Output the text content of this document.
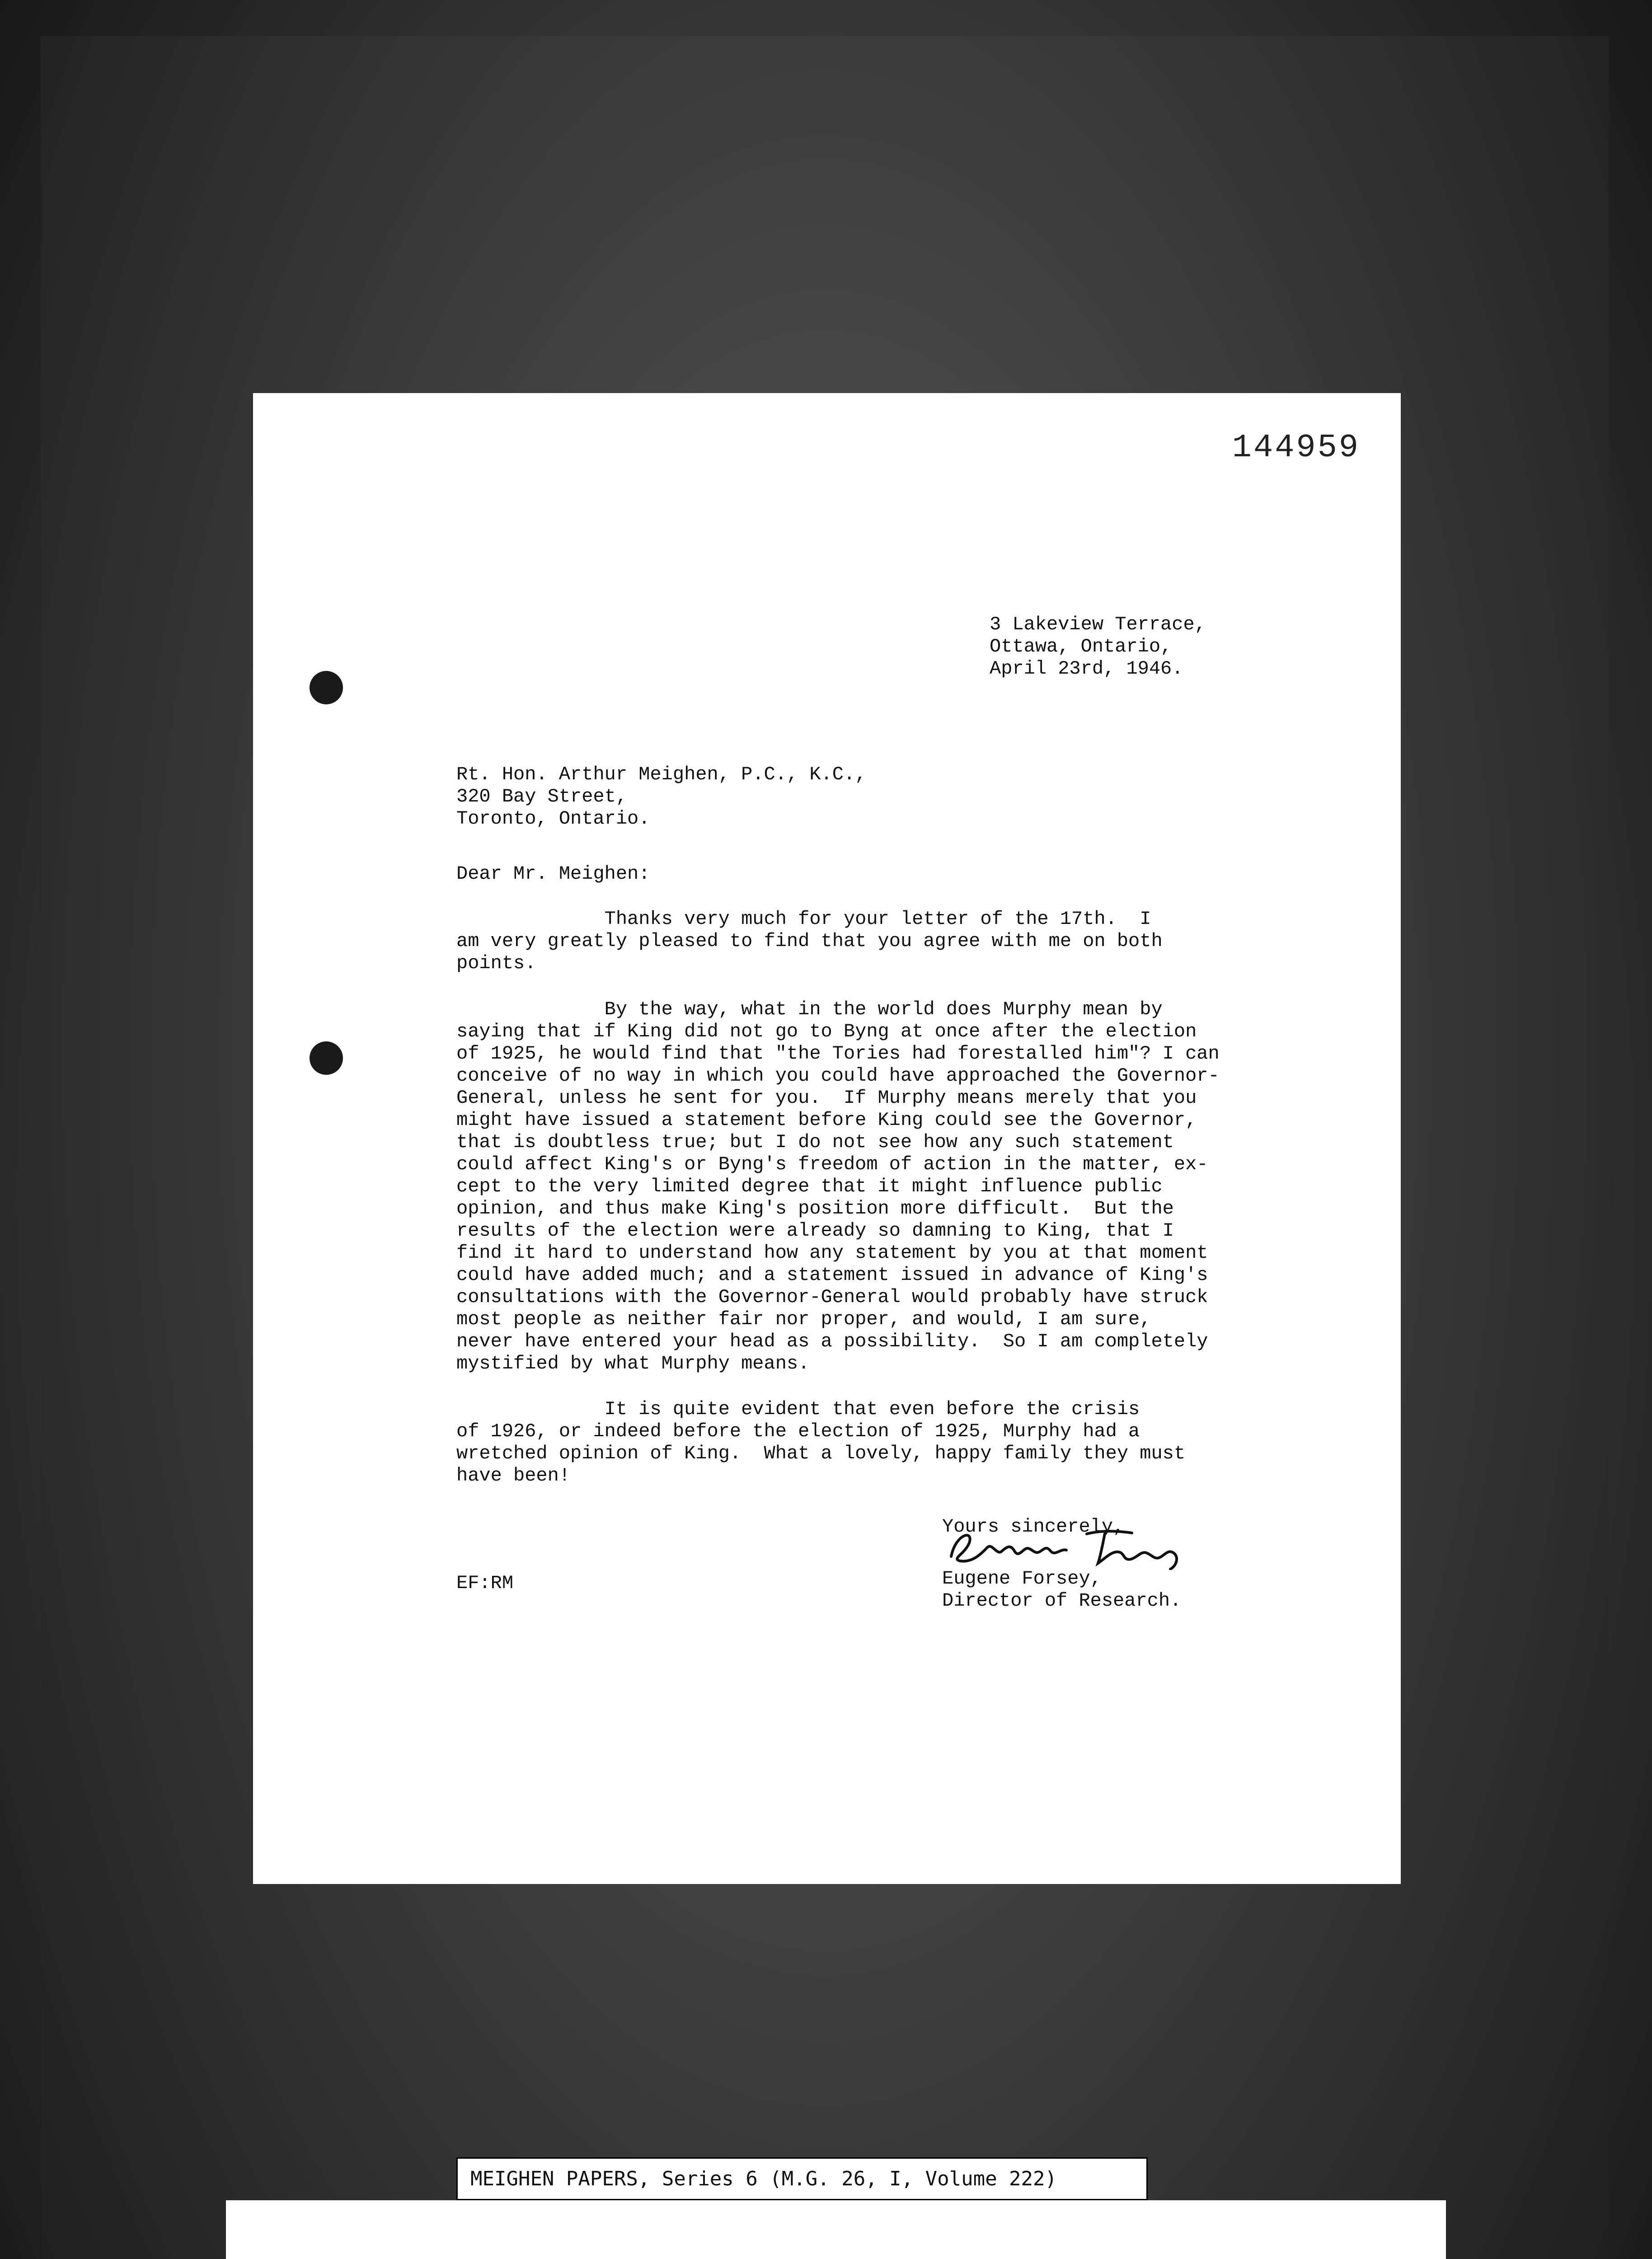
144959
3 Lakeview Terrace,
Ottawa, Ontario,
April 23rd, 1946.
Rt. Hon. Arthur Meighen, P.C., K.C.,
320 Bay Street,
Toronto, Ontario.
Dear Mr. Meighen:
Thanks very much for your letter of the 17th.  I
am very greatly pleased to find that you agree with me on both
points.
By the way, what in the world does Murphy mean by
saying that if King did not go to Byng at once after the election
of 1925, he would find that "the Tories had forestalled him"? I can
conceive of no way in which you could have approached the Governor-
General, unless he sent for you.  If Murphy means merely that you
might have issued a statement before King could see the Governor,
that is doubtless true; but I do not see how any such statement
could affect King's or Byng's freedom of action in the matter, ex-
cept to the very limited degree that it might influence public
opinion, and thus make King's position more difficult.  But the
results of the election were already so damning to King, that I
find it hard to understand how any statement by you at that moment
could have added much; and a statement issued in advance of King's
consultations with the Governor-General would probably have struck
most people as neither fair nor proper, and would, I am sure,
never have entered your head as a possibility.  So I am completely
mystified by what Murphy means.
It is quite evident that even before the crisis
of 1926, or indeed before the election of 1925, Murphy had a
wretched opinion of King.  What a lovely, happy family they must
have been!
Yours sincerely,
Eugene Forsey,
Director of Research.
EF:RM
MEIGHEN PAPERS, Series 6 (M.G. 26, I, Volume 222)
